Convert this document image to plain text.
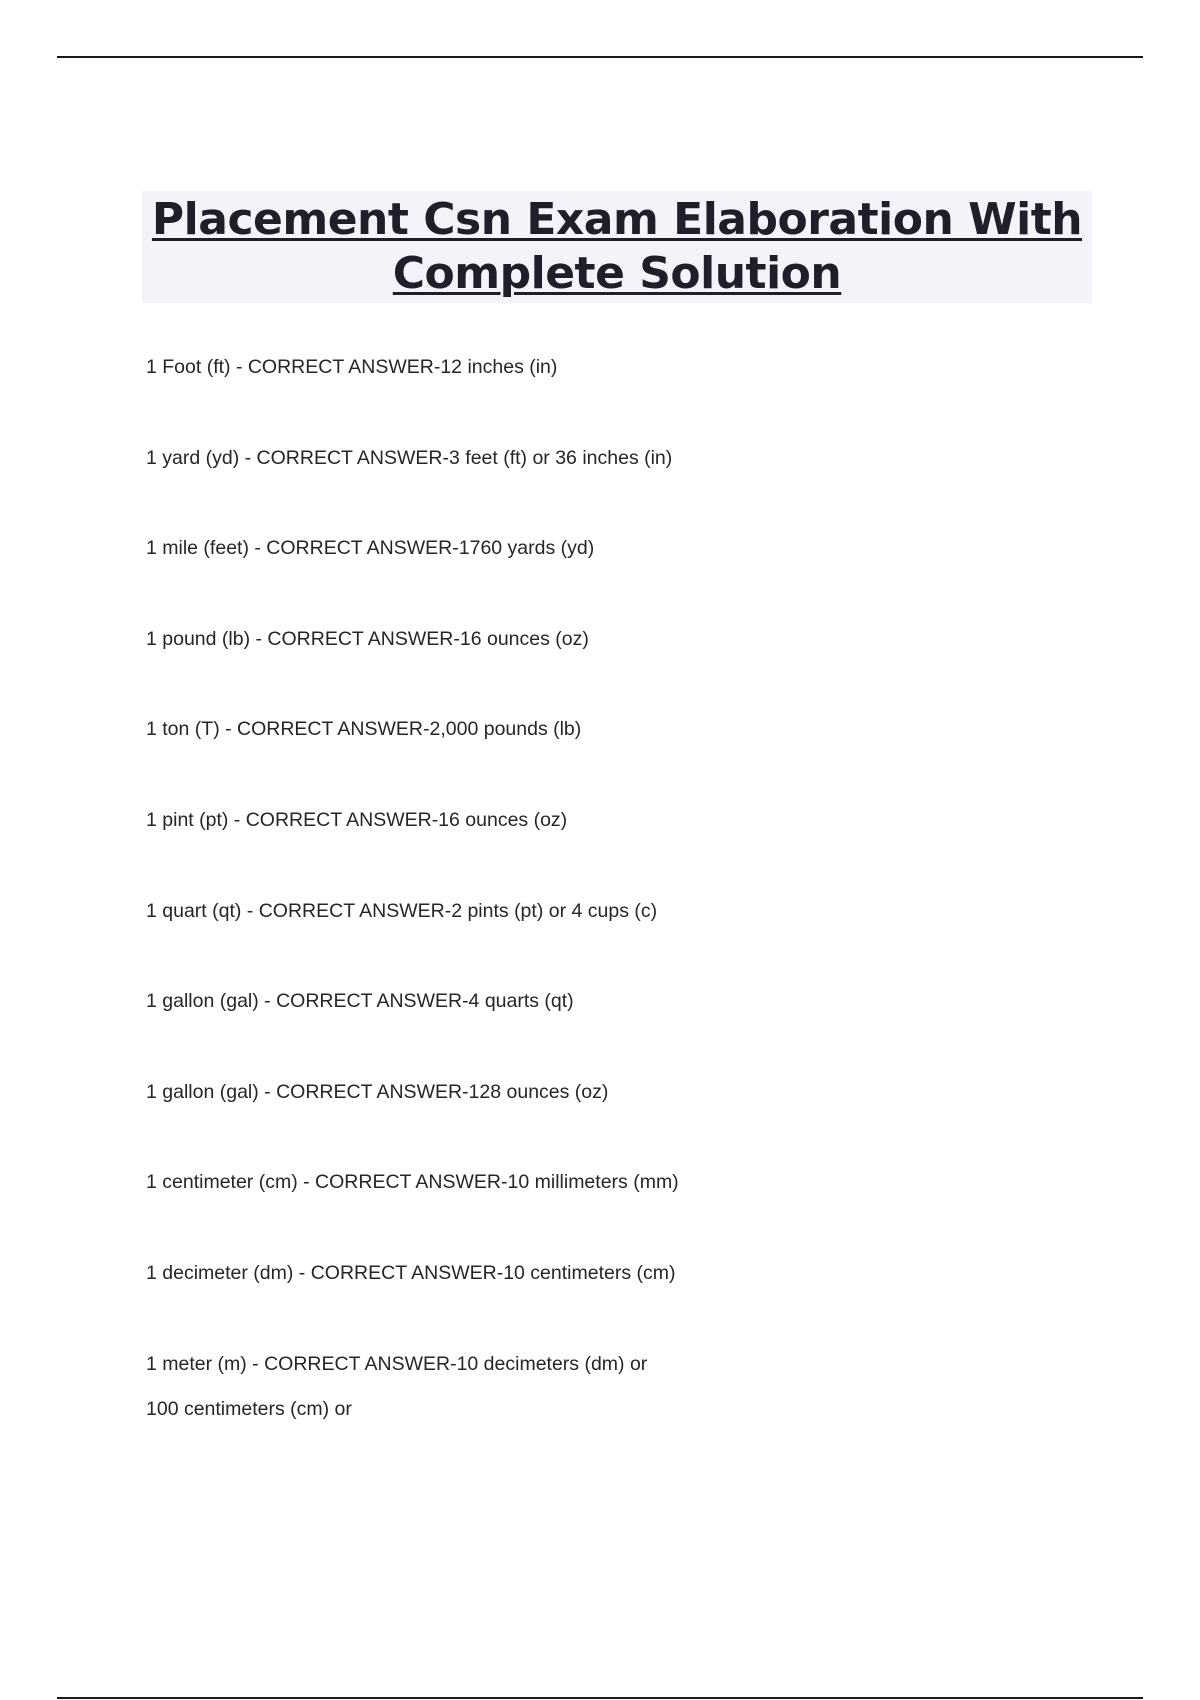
Placement Csn Exam Elaboration With Complete Solution
1 Foot (ft) - CORRECT ANSWER-12 inches (in)
1 yard (yd) - CORRECT ANSWER-3 feet (ft) or 36 inches (in)
1 mile (feet) - CORRECT ANSWER-1760 yards (yd)
1 pound (lb) - CORRECT ANSWER-16 ounces (oz)
1 ton (T) - CORRECT ANSWER-2,000 pounds (lb)
1 pint (pt) - CORRECT ANSWER-16 ounces (oz)
1 quart (qt) - CORRECT ANSWER-2 pints (pt) or 4 cups (c)
1 gallon (gal) - CORRECT ANSWER-4 quarts (qt)
1 gallon (gal) - CORRECT ANSWER-128 ounces (oz)
1 centimeter (cm) - CORRECT ANSWER-10 millimeters (mm)
1 decimeter (dm) - CORRECT ANSWER-10 centimeters (cm)
1 meter (m) - CORRECT ANSWER-10 decimeters (dm) or
100 centimeters (cm) or
